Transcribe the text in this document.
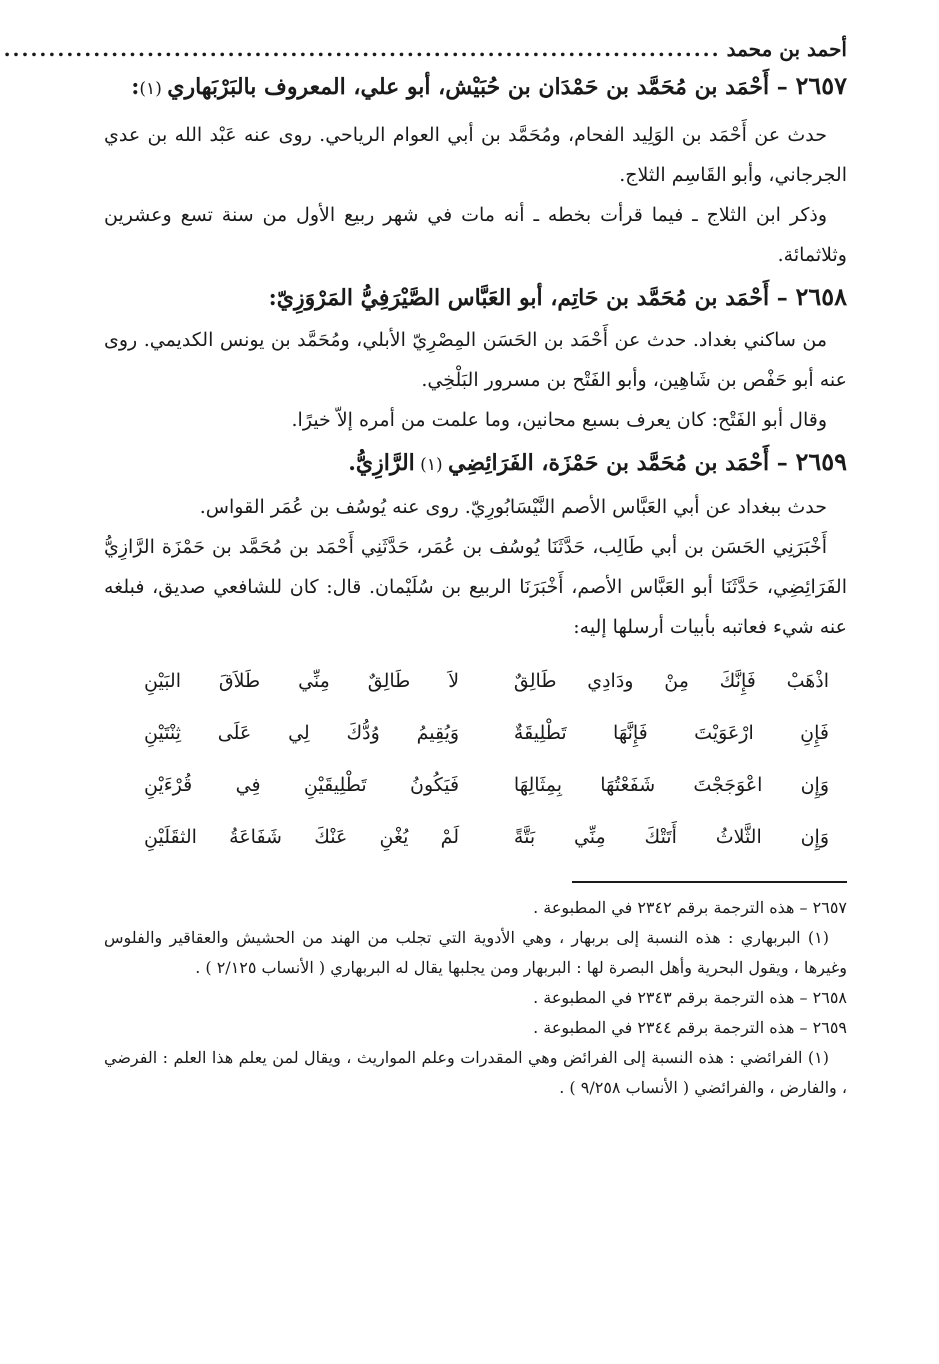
أحمد بن محمد
................................................................................

٢٦٥٧ – أَحْمَد بن مُحَمَّد بن حَمْدَان بن حُبَيْش، أبو علي، المعروف بالبَرْبَهاري (١):

حدث عن أَحْمَد بن الوَلِيد الفحام، ومُحَمَّد بن أبي العوام الرياحي. روى عنه عَبْد الله بن عدي الجرجاني، وأبو القَاسِم الثلاج.

وذكر ابن الثلاج ـ فيما قرأت بخطه ـ أنه مات في شهر ربيع الأول من سنة تسع وعشرين وثلاثمائة.

٢٦٥٨ – أَحْمَد بن مُحَمَّد بن حَاتِم، أبو العَبَّاس الصَّيْرَفِيُّ المَرْوَزِيّ:

من ساكني بغداد. حدث عن أَحْمَد بن الحَسَن المِصْرِيّ الأبلي، ومُحَمَّد بن يونس الكديمي. روى عنه أبو حَفْص بن شَاهِين، وأبو الفَتْح بن مسرور البَلْخِي.

وقال أبو الفَتْح: كان يعرف بسبع محانين، وما علمت من أمره إلاّ خيرًا.

٢٦٥٩ – أَحْمَد بن مُحَمَّد بن حَمْزَة، الفَرَائِضِي (١) الرَّازِيُّ.

حدث ببغداد عن أبي العَبَّاس الأصم النَّيْسَابُورِيّ. روى عنه يُوسُف بن عُمَر القواس.

أَخْبَرَنِي الحَسَن بن أبي طَالِب، حَدَّثَنَا يُوسُف بن عُمَر، حَدَّثَنِي أَحْمَد بن مُحَمَّد بن حَمْزَة الرَّازِيُّ الفَرَائِضِي، حَدَّثَنَا أبو العَبَّاس الأصم، أَخْبَرَنَا الربيع بن سُلَيْمان. قال: كان للشافعي صديق، فبلغه عنه شيء فعاتبه بأبيات أرسلها إليه:

اذْهَبْ فَإِنَّكَ مِنْ ودَادِي طَالِقٌ
لاَ طَالِقٌ مِنِّي طَلاَقَ البَيْنِ
فَإِنِ ارْعَوَيْتَ فَإِنَّهَا تَطْلِيقَةٌ
وَيُقِيمُ وُدُّكَ لِي عَلَى ثِنْتَيْنِ
وَإِن اعْوَجَجْتَ شَفَعْتُهَا بِمِثَالِهَا
فَيَكُونُ تَطْلِيقَيْنِ فِي قُرْءَيْنِ
وَإِن الثَّلاثُ أَتَتْكَ مِنِّي بَتَّةً
لَمْ يُغْنِ عَنْكَ شَفَاعَةُ الثقَلَيْنِ

٢٦٥٧ – هذه الترجمة برقم ٢٣٤٢ في المطبوعة .

(١) البربهاري : هذه النسبة إلى بربهار ، وهي الأدوية التي تجلب من الهند من الحشيش والعقاقير والفلوس وغيرها ، ويقول البحرية وأهل البصرة لها : البربهار ومن يجلبها يقال له البربهاري ( الأنساب ٢/١٢٥ ) .

٢٦٥٨ – هذه الترجمة برقم ٢٣٤٣ في المطبوعة .

٢٦٥٩ – هذه الترجمة برقم ٢٣٤٤ في المطبوعة .

(١) الفرائضي : هذه النسبة إلى الفرائض وهي المقدرات وعلم المواريث ، ويقال لمن يعلم هذا العلم : الفرضي ، والفارض ، والفرائضي ( الأنساب ٩/٢٥٨ ) .
